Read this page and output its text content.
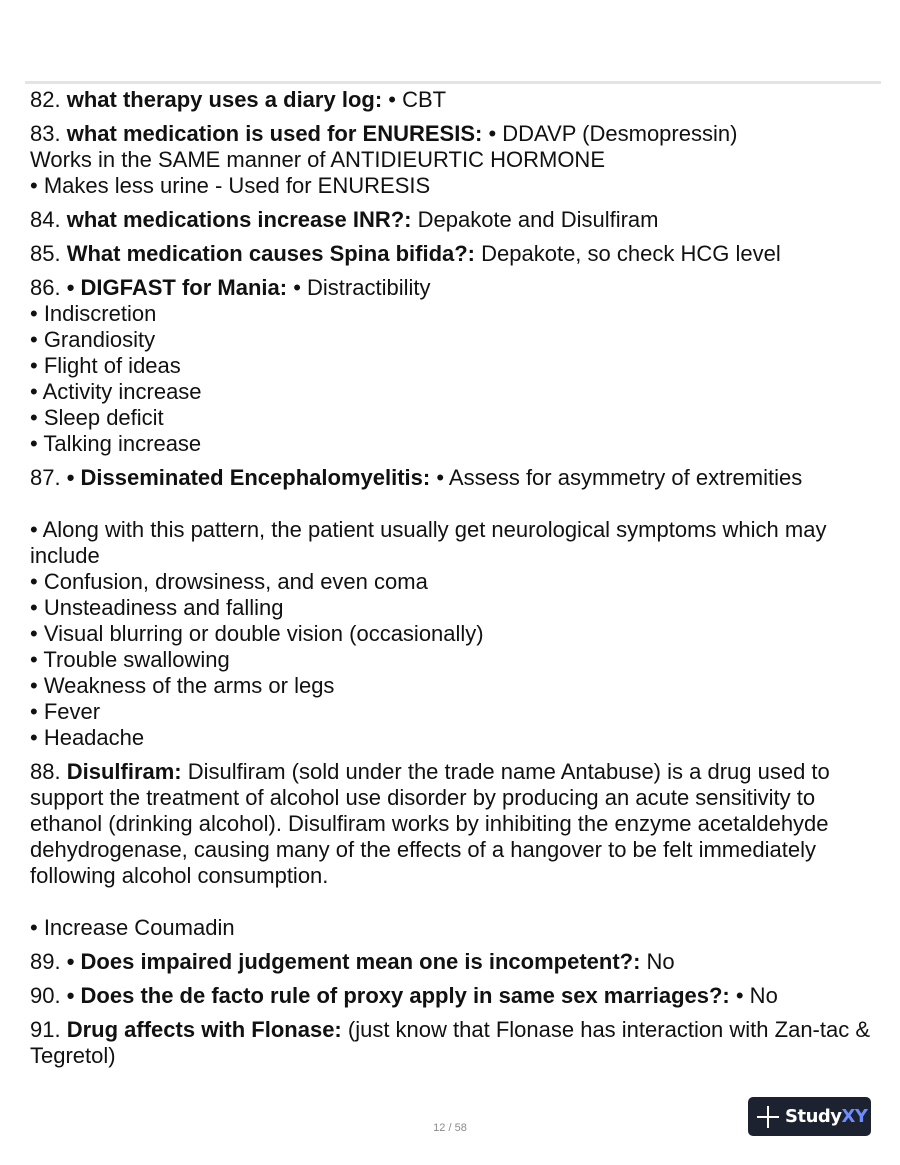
82. what therapy uses a diary log: • CBT
83. what medication is used for ENURESIS: • DDAVP (Desmopressin)
Works in the SAME manner of ANTIDIEURTIC HORMONE
• Makes less urine - Used for ENURESIS
84. what medications increase INR?: Depakote and Disulfiram
85. What medication causes Spina bifida?: Depakote, so check HCG level
86. • DIGFAST for Mania: • Distractibility
• Indiscretion
• Grandiosity
• Flight of ideas
• Activity increase
• Sleep deficit
• Talking increase
87. • Disseminated Encephalomyelitis: • Assess for asymmetry of extremities
• Along with this pattern, the patient usually get neurological symptoms which may include
• Confusion, drowsiness, and even coma
• Unsteadiness and falling
• Visual blurring or double vision (occasionally)
• Trouble swallowing
• Weakness of the arms or legs
• Fever
• Headache
88. Disulfiram: Disulfiram (sold under the trade name Antabuse) is a drug used to support the treatment of alcohol use disorder by producing an acute sensitivity to ethanol (drinking alcohol). Disulfiram works by inhibiting the enzyme acetaldehyde dehydrogenase, causing many of the effects of a hangover to be felt immediately following alcohol consumption.
• Increase Coumadin
89. • Does impaired judgement mean one is incompetent?: No
90. • Does the de facto rule of proxy apply in same sex marriages?: • No
91. Drug affects with Flonase: (just know that Flonase has interaction with Zan-tac & Tegretol)
12 / 58
StudyXY
